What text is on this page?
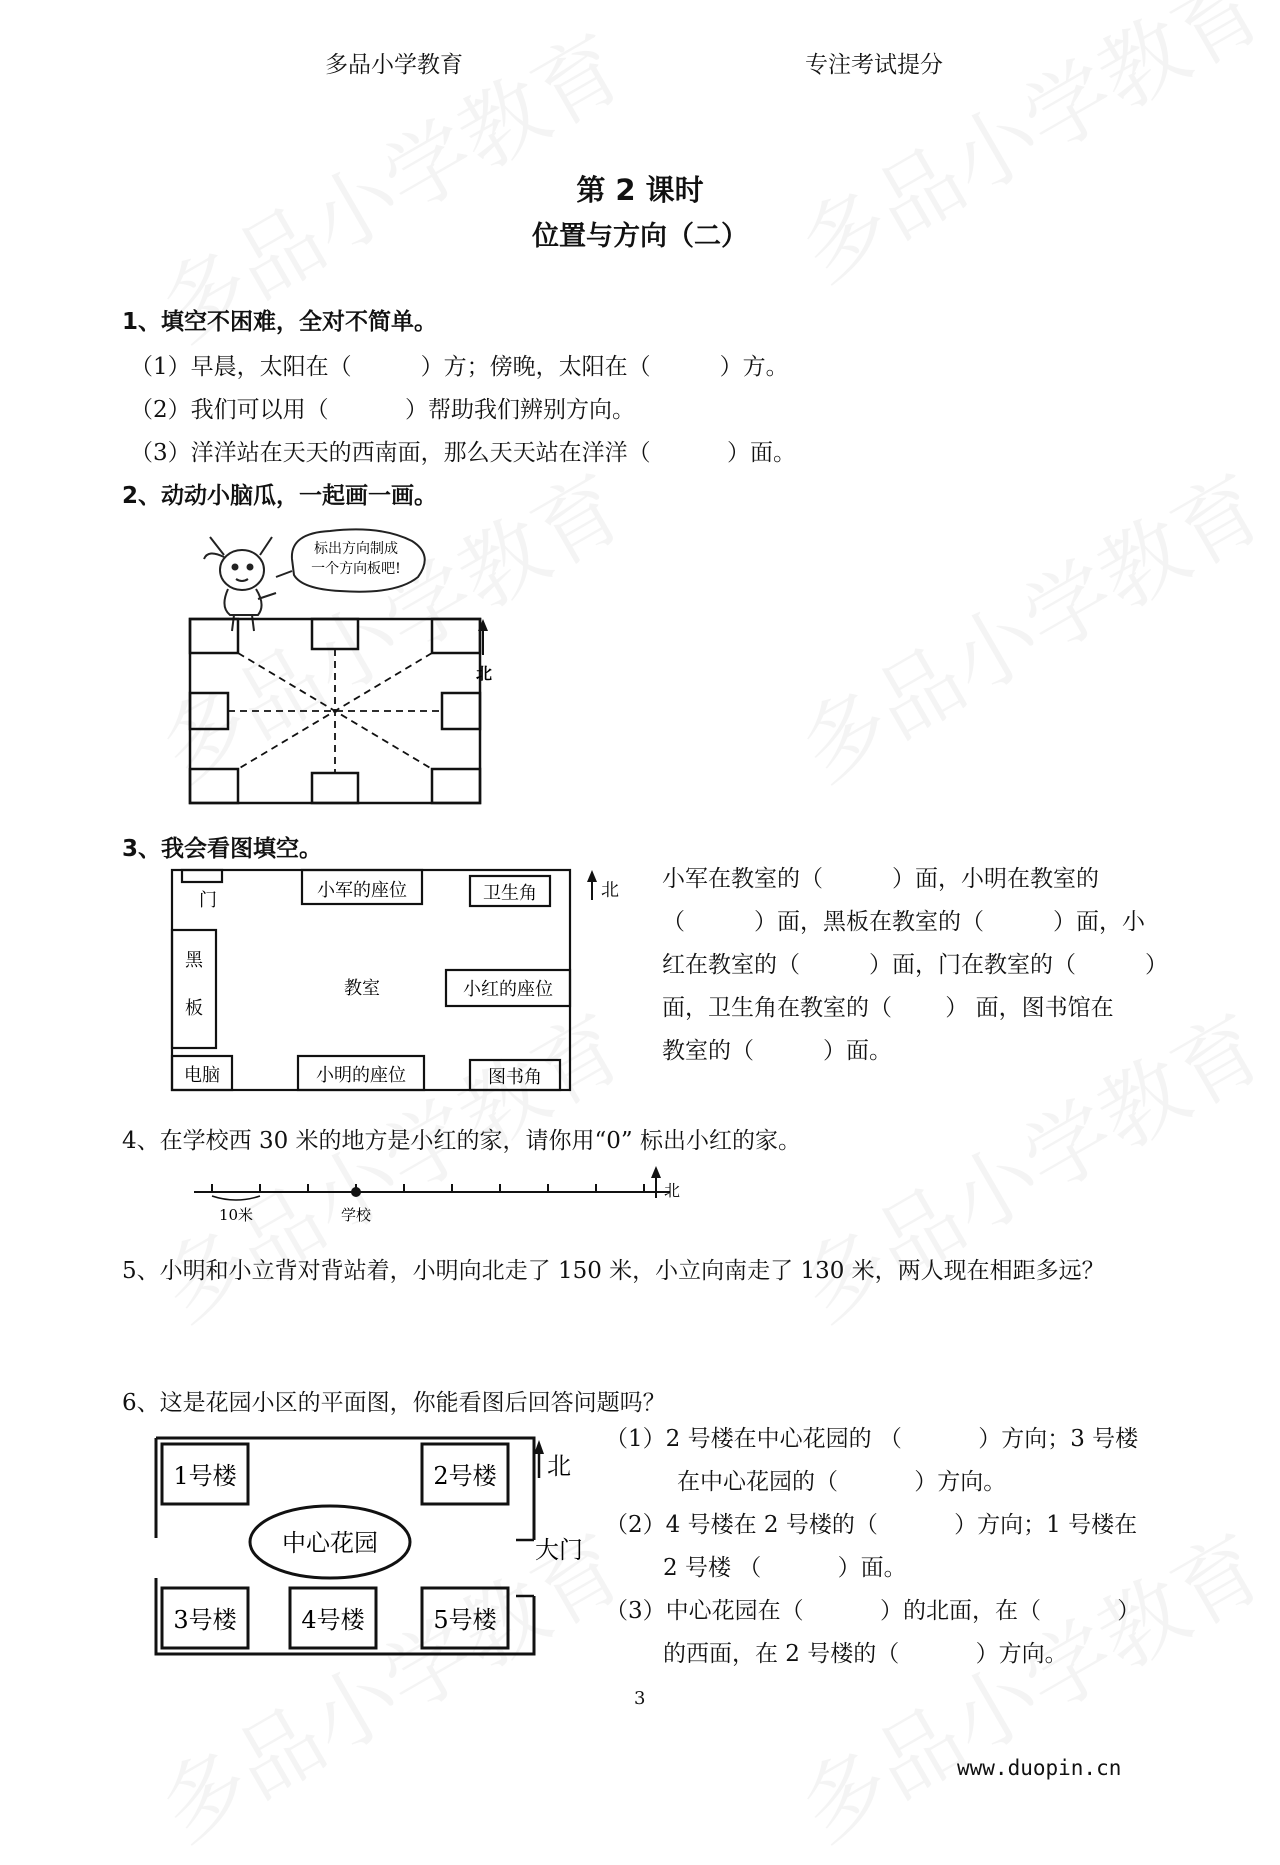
多品小学教育	专注考试提分
第 2 课时
位置与方向（二）
1、填空不困难，全对不简单。
（1）早晨，太阳在（　　　）方；傍晚，太阳在（　　　）方。
（2）我们可以用（　　　 ）帮助我们辨别方向。
（3）洋洋站在天天的西南面，那么天天站在洋洋（　　　 ）面。
2、动动小脑瓜，一起画一画。
标出方向制成
一个方向板吧!
北
3、我会看图填空。
门	小军的座位	卫生角
黑
板
教室	小红的座位
电脑	小明的座位	图书角
北 小军在教室的（　　　）面，小明在教室的
（　　　）面，黑板在教室的（　　　）面，小
红在教室的（　　　）面，门在教室的（　　　）
面，卫生角在教室的（　　 ） 面，图书馆在
教室的（　　　）面。
4、在学校西 30 米的地方是小红的家，请你用“0” 标出小红的家。
10米	学校
北
5、小明和小立背对背站着，小明向北走了 150 米，小立向南走了 130 米，两人现在相距多远？
6、这是花园小区的平面图，你能看图后回答问题吗？
1号楼	2号楼
3号楼	4号楼	5号楼
中心花园	大门
北
（1）2 号楼在中心花园的 （　　　 ）方向；3 号楼
在中心花园的（　　　 ）方向。
（2）4 号楼在 2 号楼的（　　　 ）方向；1 号楼在
2 号楼 （　　　 ）面。
（3）中心花园在（　　　 ）的北面，在（　　　 ）
的西面，在 2 号楼的（　　　 ）方向。
3
www.duopin.cn
